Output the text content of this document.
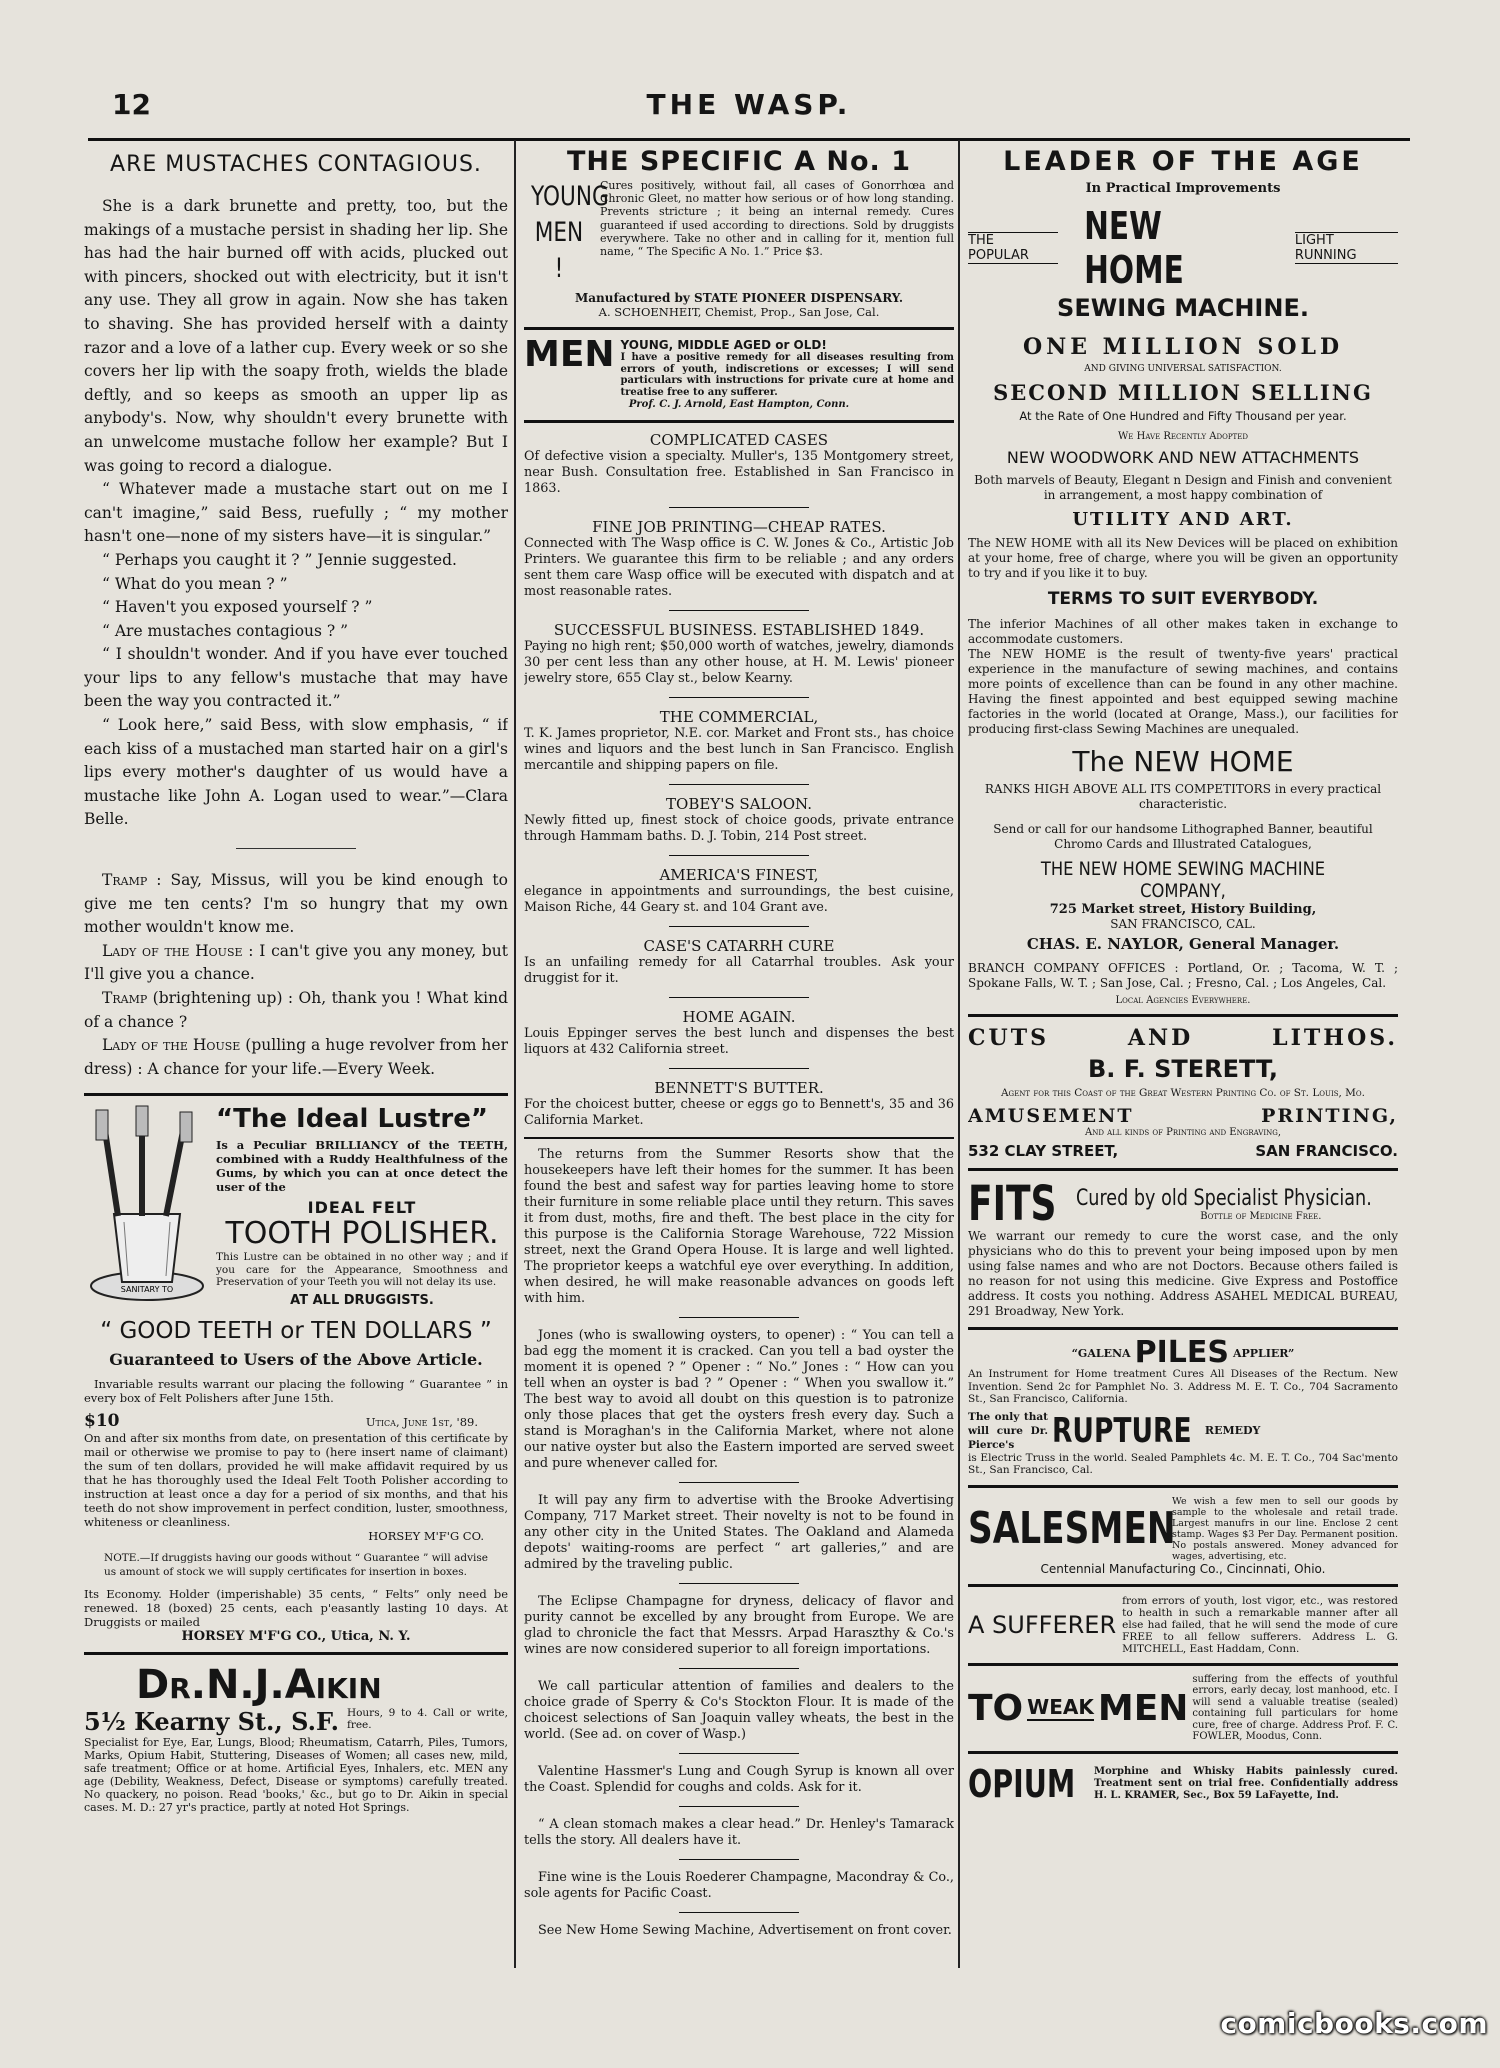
12	THE WASP.
ARE MUSTACHES CONTAGIOUS.

She is a dark brunette and pretty, too, but the makings of a mustache persist in shading her lip. She has had the hair burned off with acids, plucked out with pincers, shocked out with electricity, but it isn't any use. They all grow in again. Now she has taken to shaving. She has provided herself with a dainty razor and a love of a lather cup. Every week or so she covers her lip with the soapy froth, wields the blade deftly, and so keeps as smooth an upper lip as anybody's. Now, why shouldn't every brunette with an unwelcome mustache follow her example? But I was going to record a dialogue.

“ Whatever made a mustache start out on me I can't imagine,” said Bess, ruefully ; “ my mother hasn't one—none of my sisters have—it is singular.”

“ Perhaps you caught it ? ” Jennie suggested.

“ What do you mean ? ”

“ Haven't you exposed yourself ? ”

“ Are mustaches contagious ? ”

“ I shouldn't wonder. And if you have ever touched your lips to any fellow's mustache that may have been the way you contracted it.”

“ Look here,” said Bess, with slow emphasis, “ if each kiss of a mustached man started hair on a girl's lips every mother's daughter of us would have a mustache like John A. Logan used to wear.”—Clara Belle.

Tramp : Say, Missus, will you be kind enough to give me ten cents? I'm so hungry that my own mother wouldn't know me.

Lady of the House : I can't give you any money, but I'll give you a chance.

Tramp (brightening up) : Oh, thank you ! What kind of a chance ?

Lady of the House (pulling a huge revolver from her dress) : A chance for your life.—Every Week.

SANITARY TO
“The Ideal Lustre”
Is a Peculiar BRILLIANCY of the TEETH, combined with a Ruddy Healthfulness of the Gums, by which you can at once detect the user of the
IDEAL FELT
TOOTH POLISHER.
This Lustre can be obtained in no other way ; and if you care for the Appearance, Smoothness and Preservation of your Teeth you will not delay its use.
AT ALL DRUGGISTS.
“ GOOD TEETH or TEN DOLLARS ”
Guaranteed to Users of the Above Article.
Invariable results warrant our placing the following “ Guarantee ” in every box of Felt Polishers after June 15th.
$10	Utica, June 1st, '89.
On and after six months from date, on presentation of this certificate by mail or otherwise we promise to pay to (here insert name of claimant) the sum of ten dollars, provided he will make affidavit required by us that he has thoroughly used the Ideal Felt Tooth Polisher according to instruction at least once a day for a period of six months, and that his teeth do not show improvement in perfect condition, luster, smoothness, whiteness or cleanliness.
HORSEY M'F'G CO.
NOTE.—If druggists having our goods without “ Guarantee ” will advise us amount of stock we will supply certificates for insertion in boxes.
Its Economy. Holder (imperishable) 35 cents, “ Felts” only need be renewed. 18 (boxed) 25 cents, each p'easantly lasting 10 days. At Druggists or mailed
HORSEY M'F'G CO., Utica, N. Y.
Dr.N.J.Aikin
5½ Kearny St., S.F. Hours, 9 to 4. Call or write, free.
Specialist for Eye, Ear, Lungs, Blood; Rheumatism, Catarrh, Piles, Tumors, Marks, Opium Habit, Stuttering, Diseases of Women; all cases new, mild, safe treatment; Office or at home. Artificial Eyes, Inhalers, etc. MEN any age (Debility, Weakness, Defect, Disease or symptoms) carefully treated. No quackery, no poison. Read 'books,' &c., but go to Dr. Aikin in special cases. M. D.: 27 yr's practice, partly at noted Hot Springs.
THE SPECIFIC A No. 1
YOUNG MEN !
Cures positively, without fail, all cases of Gonorrhœa and Chronic Gleet, no matter how serious or of how long standing. Prevents stricture ; it being an internal remedy. Cures guaranteed if used according to directions. Sold by druggists everywhere. Take no other and in calling for it, mention full name, “ The Specific A No. 1.” Price $3.
Manufactured by STATE PIONEER DISPENSARY.
A. SCHOENHEIT, Chemist, Prop., San Jose, Cal.
MEN YOUNG, MIDDLE AGED or OLD!
I have a positive remedy for all diseases resulting from errors of youth, indiscretions or excesses; I will send particulars with instructions for private cure at home and treatise free to any sufferer.
Prof. C. J. Arnold, East Hampton, Conn.
COMPLICATED CASES
Of defective vision a specialty. Muller's, 135 Montgomery street, near Bush. Consultation free. Established in San Francisco in 1863.
FINE JOB PRINTING—CHEAP RATES.
Connected with The Wasp office is C. W. Jones & Co., Artistic Job Printers. We guarantee this firm to be reliable ; and any orders sent them care Wasp office will be executed with dispatch and at most reasonable rates.
SUCCESSFUL BUSINESS. ESTABLISHED 1849.
Paying no high rent; $50,000 worth of watches, jewelry, diamonds 30 per cent less than any other house, at H. M. Lewis' pioneer jewelry store, 655 Clay st., below Kearny.
THE COMMERCIAL,
T. K. James proprietor, N.E. cor. Market and Front sts., has choice wines and liquors and the best lunch in San Francisco. English mercantile and shipping papers on file.
TOBEY'S SALOON.
Newly fitted up, finest stock of choice goods, private entrance through Hammam baths. D. J. Tobin, 214 Post street.
AMERICA'S FINEST,
elegance in appointments and surroundings, the best cuisine, Maison Riche, 44 Geary st. and 104 Grant ave.
CASE'S CATARRH CURE
Is an unfailing remedy for all Catarrhal troubles. Ask your druggist for it.
HOME AGAIN.
Louis Eppinger serves the best lunch and dispenses the best liquors at 432 California street.
BENNETT'S BUTTER.
For the choicest butter, cheese or eggs go to Bennett's, 35 and 36 California Market.

The returns from the Summer Resorts show that the housekeepers have left their homes for the summer. It has been found the best and safest way for parties leaving home to store their furniture in some reliable place until they return. This saves it from dust, moths, fire and theft. The best place in the city for this purpose is the California Storage Warehouse, 722 Mission street, next the Grand Opera House. It is large and well lighted. The proprietor keeps a watchful eye over everything. In addition, when desired, he will make reasonable advances on goods left with him.

Jones (who is swallowing oysters, to opener) : “ You can tell a bad egg the moment it is cracked. Can you tell a bad oyster the moment it is opened ? ” Opener : “ No.” Jones : “ How can you tell when an oyster is bad ? ” Opener : “ When you swallow it.” The best way to avoid all doubt on this question is to patronize only those places that get the oysters fresh every day. Such a stand is Moraghan's in the California Market, where not alone our native oyster but also the Eastern imported are served sweet and pure whenever called for.

It will pay any firm to advertise with the Brooke Advertising Company, 717 Market street. Their novelty is not to be found in any other city in the United States. The Oakland and Alameda depots' waiting-rooms are perfect “ art galleries,” and are admired by the traveling public.

The Eclipse Champagne for dryness, delicacy of flavor and purity cannot be excelled by any brought from Europe. We are glad to chronicle the fact that Messrs. Arpad Haraszthy & Co.'s wines are now considered superior to all foreign importations.

We call particular attention of families and dealers to the choice grade of Sperry & Co's Stockton Flour. It is made of the choicest selections of San Joaquin valley wheats, the best in the world. (See ad. on cover of Wasp.)

Valentine Hassmer's Lung and Cough Syrup is known all over the Coast. Splendid for coughs and colds. Ask for it.

“ A clean stomach makes a clear head.” Dr. Henley's Tamarack tells the story. All dealers have it.

Fine wine is the Louis Roederer Champagne, Macondray & Co., sole agents for Pacific Coast.

See New Home Sewing Machine, Advertisement on front cover.

LEADER OF THE AGE
In Practical Improvements
THE POPULAR
NEW HOME
LIGHT RUNNING
SEWING MACHINE.
ONE MILLION SOLD
AND GIVING UNIVERSAL SATISFACTION.
SECOND MILLION SELLING
At the Rate of One Hundred and Fifty Thousand per year.
We Have Recently Adopted
NEW WOODWORK AND NEW ATTACHMENTS
Both marvels of Beauty, Elegant n Design and Finish and convenient in arrangement, a most happy combination of
UTILITY AND ART.
The NEW HOME with all its New Devices will be placed on exhibition at your home, free of charge, where you will be given an opportunity to try and if you like it to buy.
TERMS TO SUIT EVERYBODY.
The inferior Machines of all other makes taken in exchange to accommodate customers.
The NEW HOME is the result of twenty-five years' practical experience in the manufacture of sewing machines, and contains more points of excellence than can be found in any other machine. Having the finest appointed and best equipped sewing machine factories in the world (located at Orange, Mass.), our facilities for producing first-class Sewing Machines are unequaled.
The NEW HOME
RANKS HIGH ABOVE ALL ITS COMPETITORS in every practical characteristic.
Send or call for our handsome Lithographed Banner, beautiful Chromo Cards and Illustrated Catalogues,
THE NEW HOME SEWING MACHINE COMPANY,
725 Market street, History Building,
SAN FRANCISCO, CAL.
CHAS. E. NAYLOR, General Manager.
BRANCH COMPANY OFFICES : Portland, Or. ; Tacoma, W. T. ; Spokane Falls, W. T. ; San Jose, Cal. ; Fresno, Cal. ; Los Angeles, Cal.
Local Agencies Everywhere.
CUTS AND LITHOS.
B. F. STERETT,
Agent for this Coast of the Great Western Printing Co. of St. Louis, Mo.
AMUSEMENT PRINTING,
And all kinds of Printing and Engraving,
532 CLAY STREET,	SAN FRANCISCO.
FITS Cured by old Specialist Physician.
Bottle of Medicine Free.
We warrant our remedy to cure the worst case, and the only physicians who do this to prevent your being imposed upon by men using false names and who are not Doctors. Because others failed is no reason for not using this medicine. Give Express and Postoffice address. It costs you nothing. Address ASAHEL MEDICAL BUREAU, 291 Broadway, New York.
“GALENA PILES APPLIER”
An Instrument for Home treatment Cures All Diseases of the Rectum. New Invention. Send 2c for Pamphlet No. 3. Address M. E. T. Co., 704 Sacramento St., San Francisco, California.
The only that will cure Dr. Pierce's	RUPTURE REMEDY
is Electric Truss in the world. Sealed Pamphlets 4c. M. E. T. Co., 704 Sac'mento St., San Francisco, Cal.
SALESMEN
We wish a few men to sell our goods by sample to the wholesale and retail trade. Largest manufrs in our line. Enclose 2 cent stamp. Wages $3 Per Day. Permanent position. No postals answered. Money advanced for wages, advertising, etc.
Centennial Manufacturing Co., Cincinnati, Ohio.
A SUFFERER
from errors of youth, lost vigor, etc., was restored to health in such a remarkable manner after all else had failed, that he will send the mode of cure FREE to all fellow sufferers. Address L. G. MITCHELL, East Haddam, Conn.
TO WEAK MEN
suffering from the effects of youthful errors, early decay, lost manhood, etc. I will send a valuable treatise (sealed) containing full particulars for home cure, free of charge. Address Prof. F. C. FOWLER, Moodus, Conn.
OPIUM Morphine and Whisky Habits painlessly cured. Treatment sent on trial free. Confidentially address H. L. KRAMER, Sec., Box 59 LaFayette, Ind.
comicbooks.com
